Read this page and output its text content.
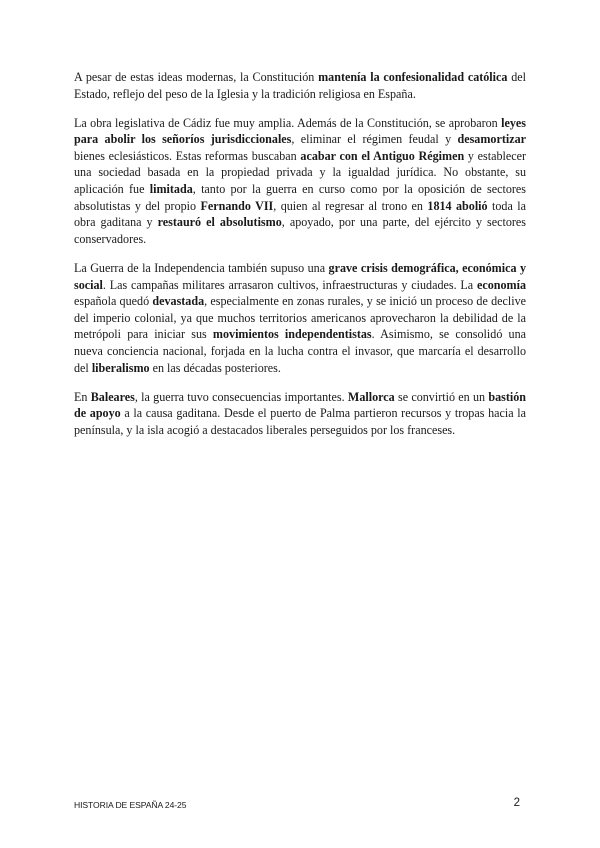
A pesar de estas ideas modernas, la Constitución mantenía la confesionalidad católica del Estado, reflejo del peso de la Iglesia y la tradición religiosa en España.

La obra legislativa de Cádiz fue muy amplia. Además de la Constitución, se aprobaron leyes para abolir los señoríos jurisdiccionales, eliminar el régimen feudal y desamortizar bienes eclesiásticos. Estas reformas buscaban acabar con el Antiguo Régimen y establecer una sociedad basada en la propiedad privada y la igualdad jurídica. No obstante, su aplicación fue limitada, tanto por la guerra en curso como por la oposición de sectores absolutistas y del propio Fernando VII, quien al regresar al trono en 1814 abolió toda la obra gaditana y restauró el absolutismo, apoyado, por una parte, del ejército y sectores conservadores.

La Guerra de la Independencia también supuso una grave crisis demográfica, económica y social. Las campañas militares arrasaron cultivos, infraestructuras y ciudades. La economía española quedó devastada, especialmente en zonas rurales, y se inició un proceso de declive del imperio colonial, ya que muchos territorios americanos aprovecharon la debilidad de la metrópoli para iniciar sus movimientos independentistas. Asimismo, se consolidó una nueva conciencia nacional, forjada en la lucha contra el invasor, que marcaría el desarrollo del liberalismo en las décadas posteriores.

En Baleares, la guerra tuvo consecuencias importantes. Mallorca se convirtió en un bastión de apoyo a la causa gaditana. Desde el puerto de Palma partieron recursos y tropas hacia la península, y la isla acogió a destacados liberales perseguidos por los franceses.

HISTORIA DE ESPAÑA 24-25	2
